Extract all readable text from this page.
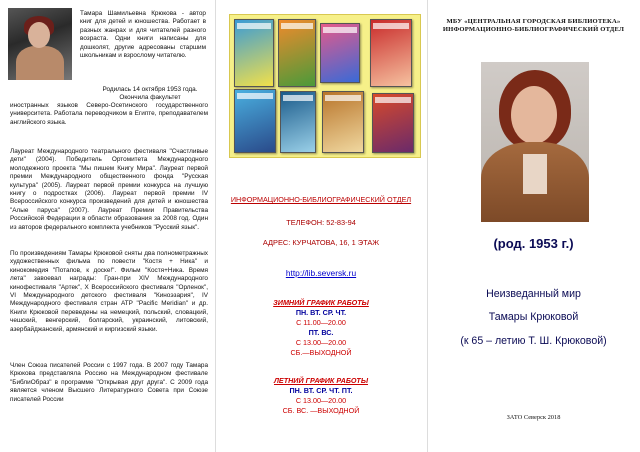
Тамара Шамильевна Крюкова - автор книг для детей и юношества. Работает в разных жанрах и для читателей разного возраста. Одни книги написаны для дошколят, другие адресованы старшим школьникам и взрослому читателю.

Родилась 14 октября 1953 года. Окончила факультет

иностранных языков Северо-Осетинского государственного университета. Работала переводчиком в Египте, преподавателем английского языка.

Лауреат Международного театрального фестиваля "Счастливые дети" (2004). Победитель Ортомитета Международного молодежного проекта "Мы пишем Книгу Мира". Лауреат первой премии Международного общественного фонда "Русская культура" (2005). Лауреат первой премии конкурса на лучшую книгу о подростках (2006). Лауреат первой премии IV Всероссийского конкурса произведений для детей и юношества "Алые паруса" (2007). Лауреат Премии Правительства Российской Федерации в области образования за 2008 год. Один из авторов федерального комплекта учебников "Русский язык".

По произведениям Тамары Крюковой сняты два полнометражных художественных фильма по повести "Костя + Ника" и кинокомедия "Потапов, к доске!". Фильм "Костя+Ника. Время лета" завоевал награды: Гран-при XIV Международного кинофестиваля "Артек", Х Всероссийского фестиваля "Орленок", VI Международного детского фестиваля "Киноэзария", IV Международного фестиваля стран АТР "Pacific Meridian" и др. Книги Крюковой переведены на немецкий, польский, словацкий, чешский, венгерский, болгарский, украинский, литовский, азербайджанский, армянский и киргизский языки.

Член Союза писателей России с 1997 года. В 2007 году Тамара Крюкова представляла Россию на Международном фестивале "БиблиОбраз" в программе "Открывая друг друга". С 2009 года является членом Высшего Литературного Совета при Союзе писателей России

ИНФОРМАЦИОННО-БИБЛИОГРАФИЧЕСКИЙ ОТДЕЛ
ТЕЛЕФОН: 52-83-94
АДРЕС: КУРЧАТОВА, 16, 1 ЭТАЖ
http://lib.seversk.ru
ЗИМНИЙ ГРАФИК РАБОТЫ
ПН. ВТ. СР. ЧТ.
С 11.00—20.00
ПТ. ВС.
С 13.00—20.00
СБ.—ВЫХОДНОЙ
ЛЕТНИЙ ГРАФИК РАБОТЫ
ПН. ВТ. СР. ЧТ. ПТ.
С 13.00—20.00
СБ. ВС. —ВЫХОДНОЙ
МБУ «ЦЕНТРАЛЬНАЯ ГОРОДСКАЯ БИБЛИОТЕКА»
ИНФОРМАЦИОННО-БИБЛИОГРАФИЧЕСКИЙ ОТДЕЛ
(род. 1953 г.)
Неизведанный мир
Тамары Крюковой
(к 65 – летию Т. Ш. Крюковой)
ЗАТО Северск 2018
